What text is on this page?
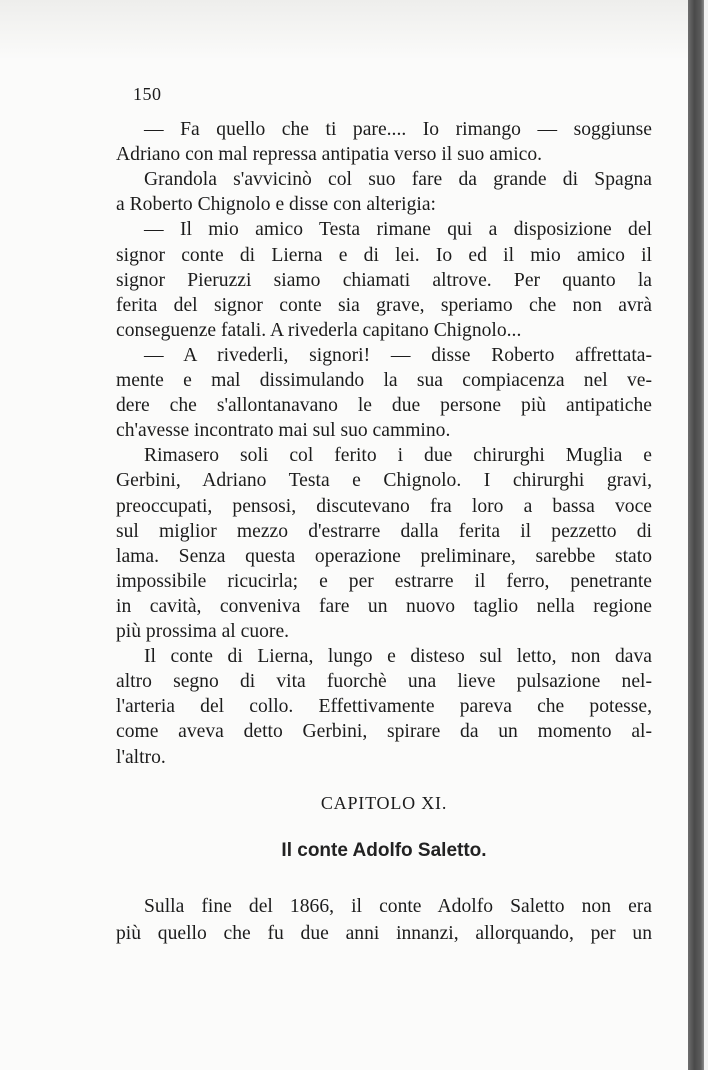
150
— Fa quello che ti pare.... Io rimango — soggiunse
Adriano con mal repressa antipatia verso il suo amico.
Grandola s'avvicinò col suo fare da grande di Spagna
a Roberto Chignolo e disse con alterigia:
— Il mio amico Testa rimane qui a disposizione del
signor conte di Lierna e di lei. Io ed il mio amico il
signor Pieruzzi siamo chiamati altrove. Per quanto la
ferita del signor conte sia grave, speriamo che non avrà
conseguenze fatali. A rivederla capitano Chignolo...
— A rivederli, signori! — disse Roberto affrettata-
mente e mal dissimulando la sua compiacenza nel ve-
dere che s'allontanavano le due persone più antipatiche
ch'avesse incontrato mai sul suo cammino.
Rimasero soli col ferito i due chirurghi Muglia e
Gerbini, Adriano Testa e Chignolo. I chirurghi gravi,
preoccupati, pensosi, discutevano fra loro a bassa voce
sul miglior mezzo d'estrarre dalla ferita il pezzetto di
lama. Senza questa operazione preliminare, sarebbe stato
impossibile ricucirla; e per estrarre il ferro, penetrante
in cavità, conveniva fare un nuovo taglio nella regione
più prossima al cuore.
Il conte di Lierna, lungo e disteso sul letto, non dava
altro segno di vita fuorchè una lieve pulsazione nel-
l'arteria del collo. Effettivamente pareva che potesse,
come aveva detto Gerbini, spirare da un momento al-
l'altro.
CAPITOLO XI.
Il conte Adolfo Saletto.
Sulla fine del 1866, il conte Adolfo Saletto non era
più quello che fu due anni innanzi, allorquando, per un
